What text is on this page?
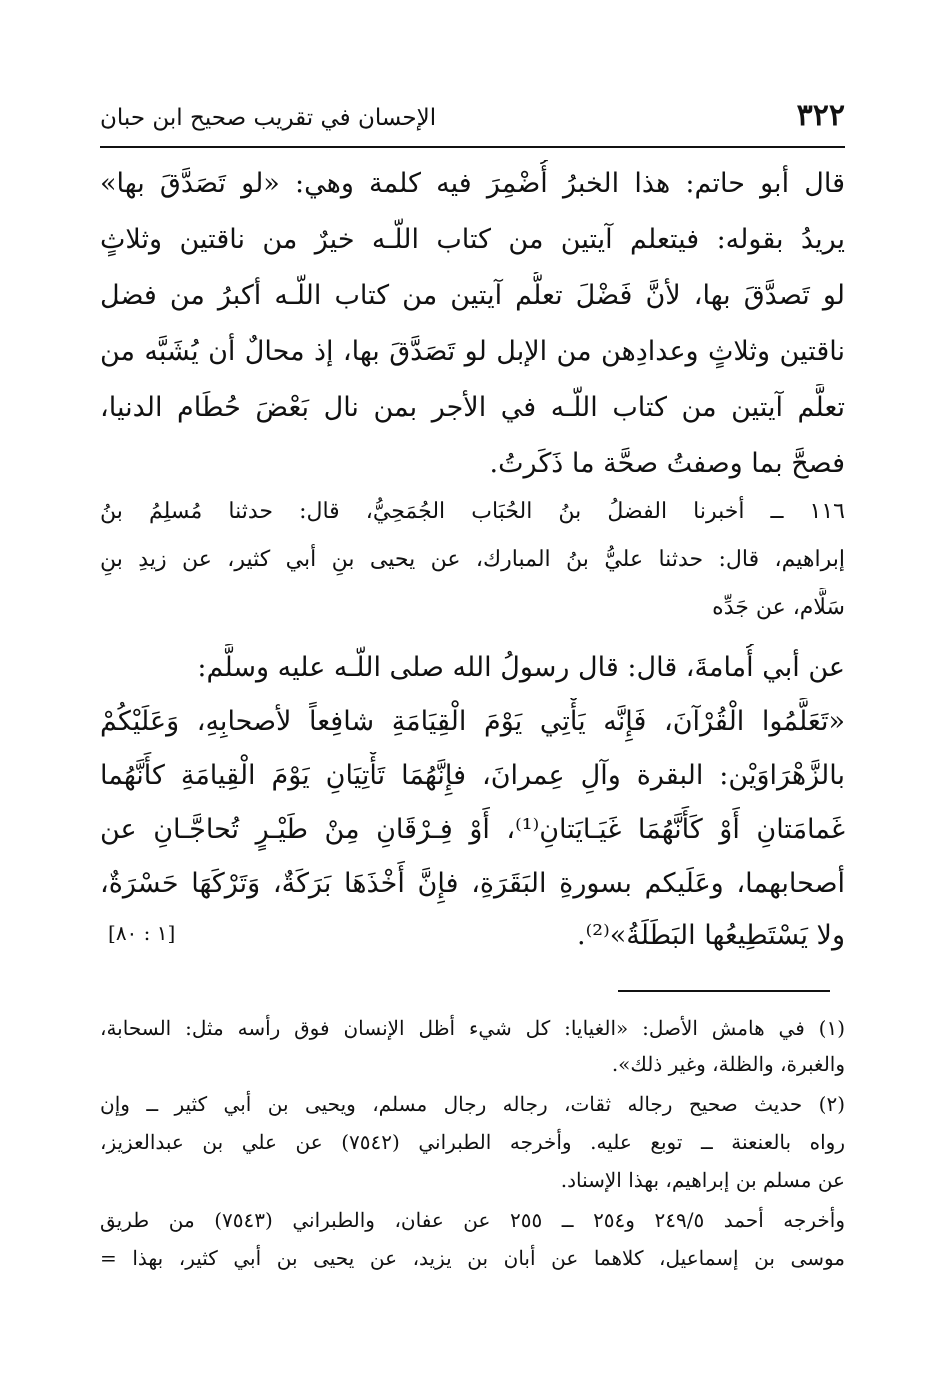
٣٢٢
الإحسان في تقريب صحيح ابن حبان
قال أبو حاتم: هذا الخبرُ أُضْمِرَ فيه كلمة وهي: «لو تَصَدَّقَ بها»
يريدُ بقوله: فيتعلم آيتين من كتاب اللّـه خيرٌ من ناقتين وثلاثٍ
لو تَصدَّقَ بها، لأنَّ فَضْلَ تعلُّم آيتين من كتاب اللّـه أكبرُ من فضل
ناقتين وثلاثٍ وعدادِهن من الإبل لو تَصَدَّقَ بها، إذ محالٌ أن يُشَبَّه من
تعلَّم آيتين من كتاب اللّـه في الأجر بمن نال بَعْضَ حُطَام الدنيا،
فصحَّ بما وصفتُ صحَّة ما ذَكَرتُ.
١١٦ ــ أخبرنا الفضلُ بنُ الحُبَاب الجُمَحِيُّ، قال: حدثنا مُسلِمُ بنُ
إبراهيم، قال: حدثنا عليُّ بنُ المبارك، عن يحيى بنِ أبي كثير، عن زيدِ بنِ
سَلَّام، عن جَدِّه
عن أبي أُمامةَ، قال: قال رسولُ الله صلى اللّـه عليه وسلَّم:
«تَعَلَّمُوا الْقُرْآنَ، فَإِنَّه يَأْتِي يَوْمَ الْقِيَامَةِ شافِعاً لأصحابِهِ، وَعَلَيْكُمْ
بالزَّهْرَاوَيْن: البقرة وآلِ عِمرانَ، فإِنَّهُمَا تَأْتِيَانِ يَوْمَ الْقِيامَةِ كأَنَّهُما
غَمامَتانِ أَوْ كَأَنَّهُمَا غَيَـايَتانِ⁽¹⁾، أَوْ فِـرْقَانِ مِنْ طَيْـرٍ تُحاجَّـانِ عن
أصحابهما، وعَلَيكم بسورةِ البَقَرَةِ، فإِنَّ أَخْذَهَا بَرَكَةٌ، وَتَرْكَهَا حَسْرَةٌ،
ولا يَسْتَطِيعُها البَطَلَةُ»⁽²⁾.
[١ : ٨٠]
(١) في هامش الأصل: «الغيايا: كل شيء أظل الإنسان فوق رأسه مثل: السحابة،
والغبرة، والظلة، وغير ذلك».
(٢) حديث صحيح رجاله ثقات، رجاله رجال مسلم، ويحيى بن أبي كثير ــ وإن
رواه بالعنعنة ــ توبع عليه. وأخرجه الطبراني (٧٥٤٢) عن علي بن عبدالعزيز،
عن مسلم بن إبراهيم، بهذا الإسناد.
وأخرجه أحمد ٢٤٩/٥ و٢٥٤ ــ ٢٥٥ عن عفان، والطبراني (٧٥٤٣) من طريق
موسى بن إسماعيل، كلاهما عن أبان بن يزيد، عن يحيى بن أبي كثير، بهذا =
